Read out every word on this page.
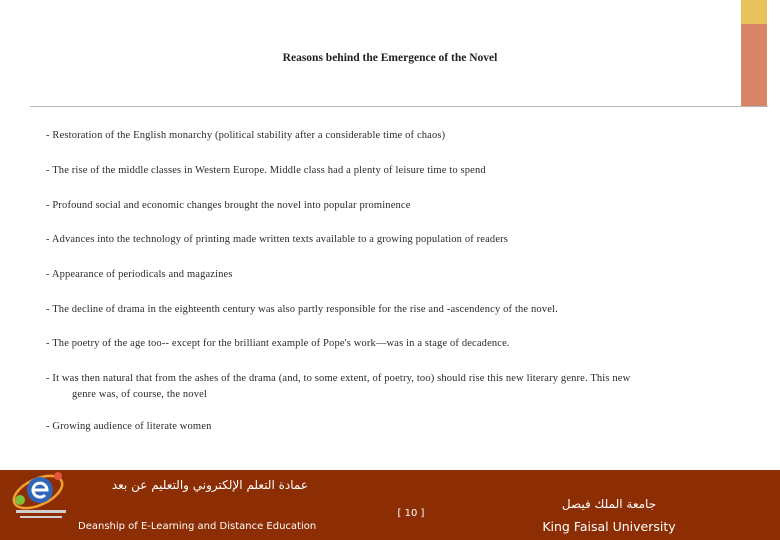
Reasons behind the Emergence of the Novel
- Restoration of the English monarchy (political stability after a considerable time of chaos)
- The rise of the middle classes in Western Europe. Middle class had a plenty of leisure time to spend
- Profound social and economic changes brought the novel into popular prominence
- Advances into the technology of printing made written texts available to a growing population of readers
- Appearance of periodicals and magazines
- The decline of drama in the eighteenth century was also partly responsible for the rise and -ascendency of the novel.
- The poetry of the age too-- except for the brilliant example of Pope's work—was in a stage of decadence.
- It was then natural that from the ashes of the drama (and, to some extent, of poetry, too) should rise this new literary genre. This new
genre was, of course, the novel
- Growing audience of literate women
عمادة التعلم الإلكتروني والتعليم عن بعد
Deanship of E-Learning and Distance Education
[ 10 ]
جامعة الملك فيصل
King Faisal University
